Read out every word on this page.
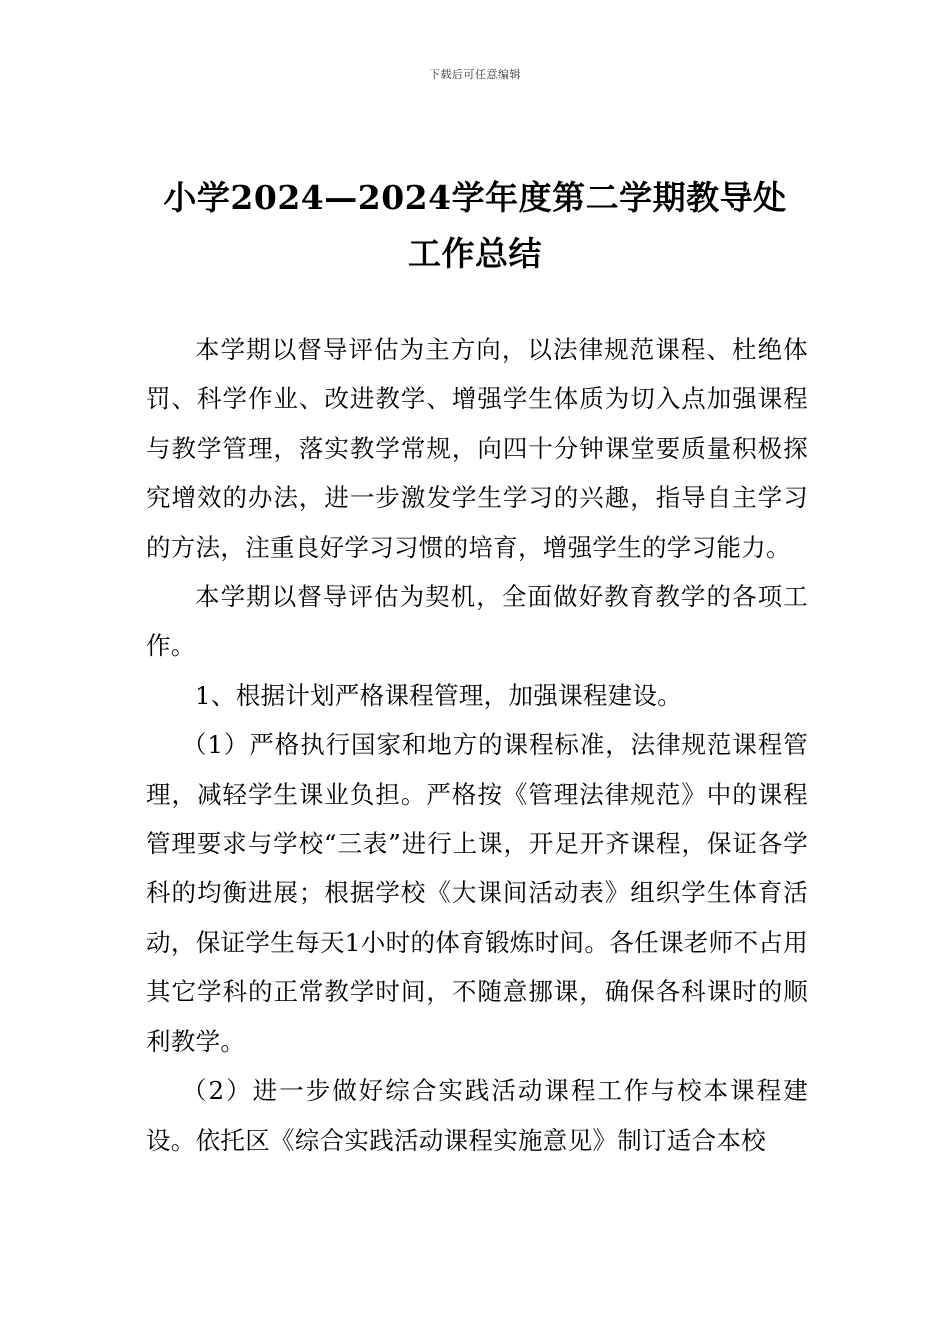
下载后可任意编辑
小学2024—2024学年度第二学期教导处
工作总结

本学期以督导评估为主方向，以法律规范课程、杜绝体罚、科学作业、改进教学、增强学生体质为切入点加强课程与教学管理，落实教学常规，向四十分钟课堂要质量积极探究增效的办法，进一步激发学生学习的兴趣，指导自主学习的方法，注重良好学习习惯的培育，增强学生的学习能力。

本学期以督导评估为契机，全面做好教育教学的各项工作。

1、根据计划严格课程管理，加强课程建设。

（1）严格执行国家和地方的课程标准，法律规范课程管理，减轻学生课业负担。严格按《管理法律规范》中的课程管理要求与学校“三表”进行上课，开足开齐课程，保证各学科的均衡进展；根据学校《大课间活动表》组织学生体育活动，保证学生每天1小时的体育锻炼时间。各任课老师不占用其它学科的正常教学时间，不随意挪课，确保各科课时的顺利教学。

（2）进一步做好综合实践活动课程工作与校本课程建设。依托区《综合实践活动课程实施意见》制订适合本校
